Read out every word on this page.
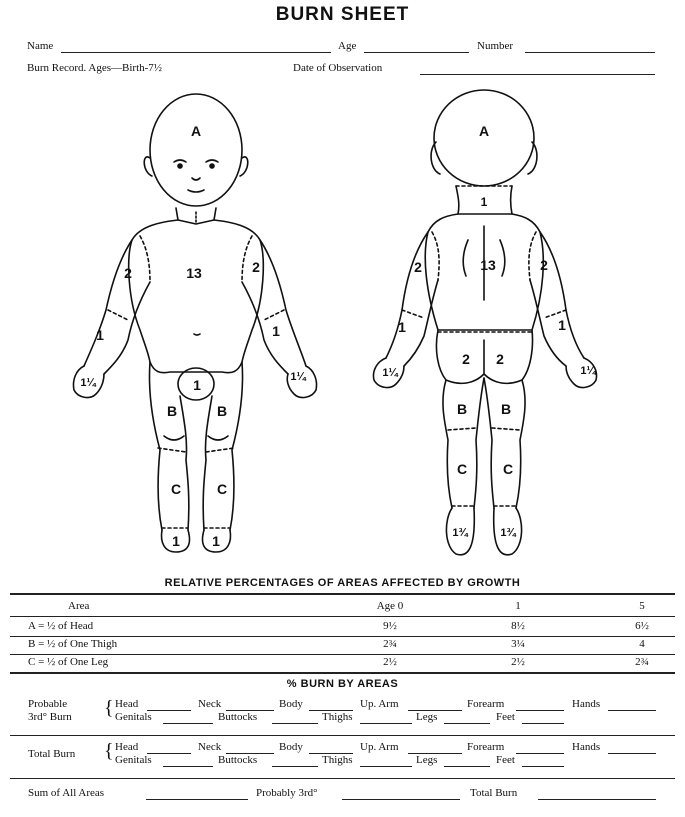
BURN SHEET
Name	Age	Number
Burn Record. Ages—Birth-7½	Date of Observation
A
13
2	2
1	1
1¼	1¼
1
B	B
C	C
1 1
A
1
13
2	2
1	1
1¼	1¼
2 2
B B
C	C
1¾	1¾
RELATIVE PERCENTAGES OF AREAS AFFECTED BY GROWTH
Area	Age 0	1	5
A = ½ of Head	9½	8½	6½
B = ½ of One Thigh	2¾	3¼	4
C = ½ of One Leg	2½	2½	2¾
% BURN BY AREAS
Probable
3rd° Burn { Head	Neck	Body	Up. Arm	Forearm	Hands
Genitals	Buttocks	Thighs	Legs	Feet
Total Burn { Head	Neck	Body	Up. Arm	Forearm	Hands
Genitals	Buttocks	Thighs	Legs	Feet
Sum of All Areas	Probably 3rd°	Total Burn
